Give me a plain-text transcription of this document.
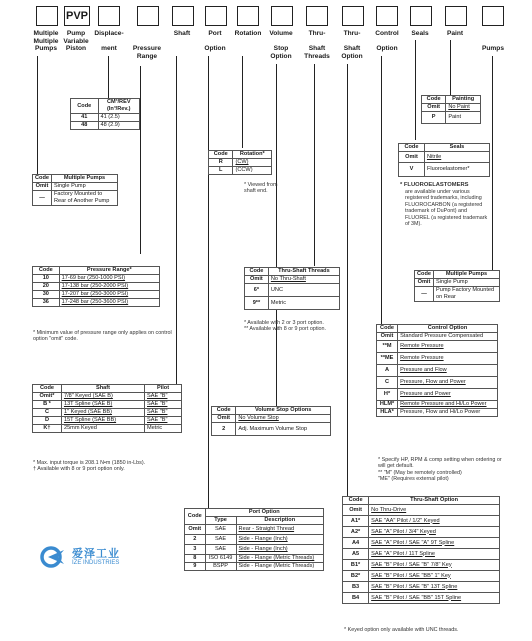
PVP
Multiple
Multiple
Pumps
Pump
Variable
Piston
Displace-

ment	

Pressure
Range
Shaft	Port

Option
Rotation	Volume

Stop
Option
Thru-

Shaft
Threads
Thru-

Shaft
Option
Control

Option
Seals	Paint

Pumps
Code	CM³/REV
(In³/Rev.)
41	41 (2.5)
48	48 (2.9)
Code	Multiple Pumps
Omit	Single Pump
—	Factory Mounted to Rear of Another Pump
Code	Pressure Range*
10	17-69 bar (250-1000 PSI)
20	17-138 bar (250-2000 PSI)
30	17-207 bar (250-3000 PSI)
36	17-248 bar (250-3600 PSI)
* Minimum value of pressure range only applies on control option "omit" code.
Code	Shaft	Pilot
Omit*	7/8" Keyed (SAE B)	SAE "B"
B *	13T Spline (SAE B)	SAE "B"
C	1" Keyed (SAE BB)	SAE "B"
D	15T Spline (SAE BB)	SAE "B"
K†	25mm Keyed	Metric
* Max. input torque is 208.1 N•m (1850 in-Lbs).
† Available with 8 or 9 port option only.
Code	Rotation*
R	(CW)
L	(CCW)
* Viewed from shaft end.
Code	Thru-Shaft Threads
Omit	No Thru-Shaft
6*	UNC
9**	Metric
* Available with 2 or 3 port option.
** Available with 8 or 9 port option.
Code	Volume Stop Options
Omit	No Volume Stop
2	Adj. Maximum Volume Stop
Code	Port Option	
	Type	Description
Omit	SAE	Rear - Straight Thread
2	SAE	Side - Flange (Inch)
3	SAE	Side - Flange (Inch)
8	ISO 6149	Side - Flange (Metric Threads)
9	BSPP	Side - Flange (Metric Threads)
Code	Painting
Omit	No Paint
P	Paint
Code	Seals
Omit	Nitrile
V	Fluoroelastomer*
* FLUOROELASTOMERS
are available under various registered trademarks, including FLUOROCARBON (a registered trademark of DuPont) and FLUOREL (a registered trademark of 3M).
Code	Multiple Pumps
Omit	Single Pump
—	Pump Factory Mounted on Rear
Code	Control Option
Omit	Standard Pressure Compensated
**M	Remote Pressure
**ME	Remote Pressure
A	Pressure and Flow
C	Pressure, Flow and Power
H*	Pressure and Power
HLM*	Remote Pressure and Hi/Lo Power
HLA*	Pressure, Flow and Hi/Lo Power
* Specify HP, RPM & comp setting when ordering or will get default.
** "M" (May be remotely controlled)
"ME" (Requires external pilot)
Code	Thru-Shaft Option
Omit	No Thru-Drive
A1*	SAE "AA" Pilot / 1/2" Keyed
A2*	SAE "A" Pilot / 3/4" Keyed
A4	SAE "A" Pilot / SAE "A" 9T Spline
A5	SAE "A" Pilot / 11T Spline
B1*	SAE "B" Pilot / SAE "B" 7/8" Key
B2*	SAE "B" Pilot / SAE "BB" 1" Key
B3	SAE "B" Pilot / SAE "B" 13T Spline
B4	SAE "B" Pilot / SAE "BB" 15T Spline
* Keyed option only available with UNC threads.
爱泽工业
IZE INDUSTRIES
